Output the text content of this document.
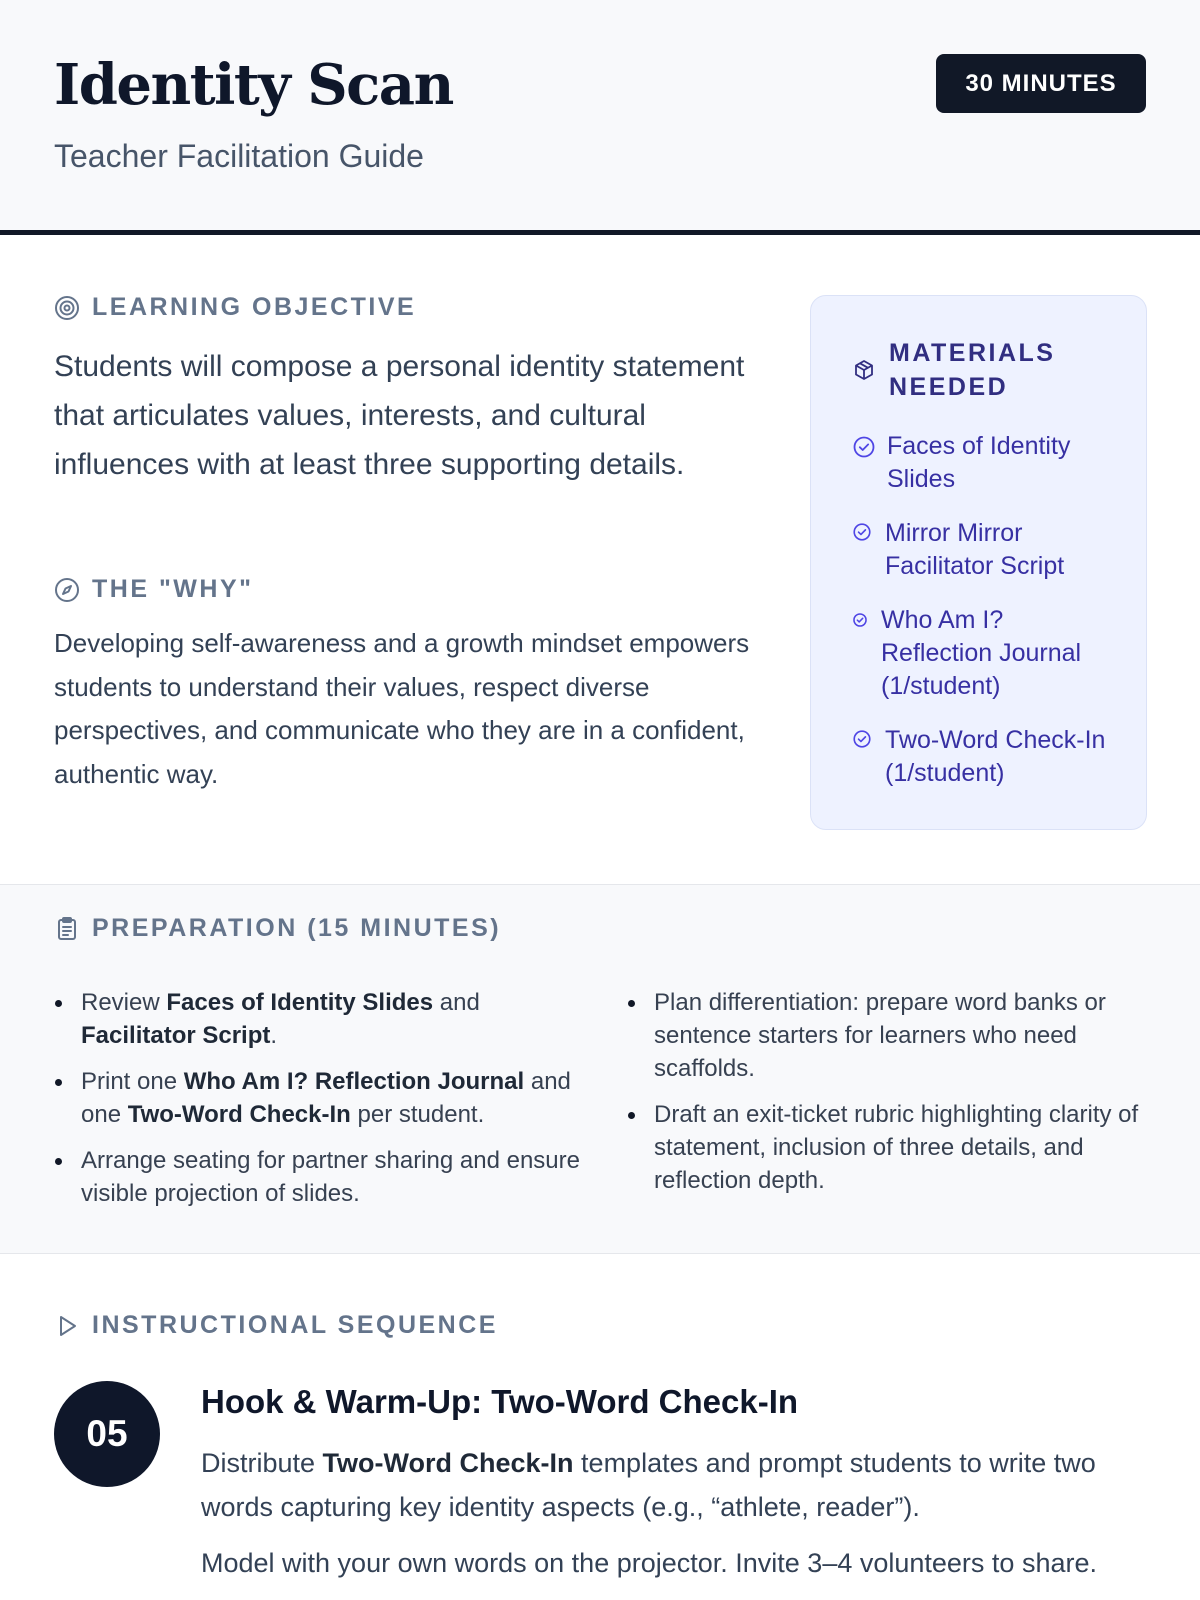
Identity Scan
Teacher Facilitation Guide
30 MINUTES
LEARNING OBJECTIVE

Students will compose a personal identity statement that articulates values, interests, and cultural influences with at least three supporting details.

THE "WHY"

Developing self-awareness and a growth mindset empowers students to understand their values, respect diverse perspectives, and communicate who they are in a confident, authentic way.

MATERIALS NEEDED
Faces of Identity Slides
Mirror Mirror Facilitator Script
Who Am I? Reflection Journal (1/student)
Two-Word Check-In (1/student)
PREPARATION (15 MINUTES)
Review Faces of Identity Slides and Facilitator Script.
Print one Who Am I? Reflection Journal and one Two-Word Check-In per student.
Arrange seating for partner sharing and ensure visible projection of slides.
Plan differentiation: prepare word banks or sentence starters for learners who need scaffolds.
Draft an exit-ticket rubric highlighting clarity of statement, inclusion of three details, and reflection depth.
INSTRUCTIONAL SEQUENCE
05
Hook & Warm-Up: Two-Word Check-In

Distribute Two-Word Check-In templates and prompt students to write two words capturing key identity aspects (e.g., “athlete, reader”).

Model with your own words on the projector. Invite 3–4 volunteers to share.
